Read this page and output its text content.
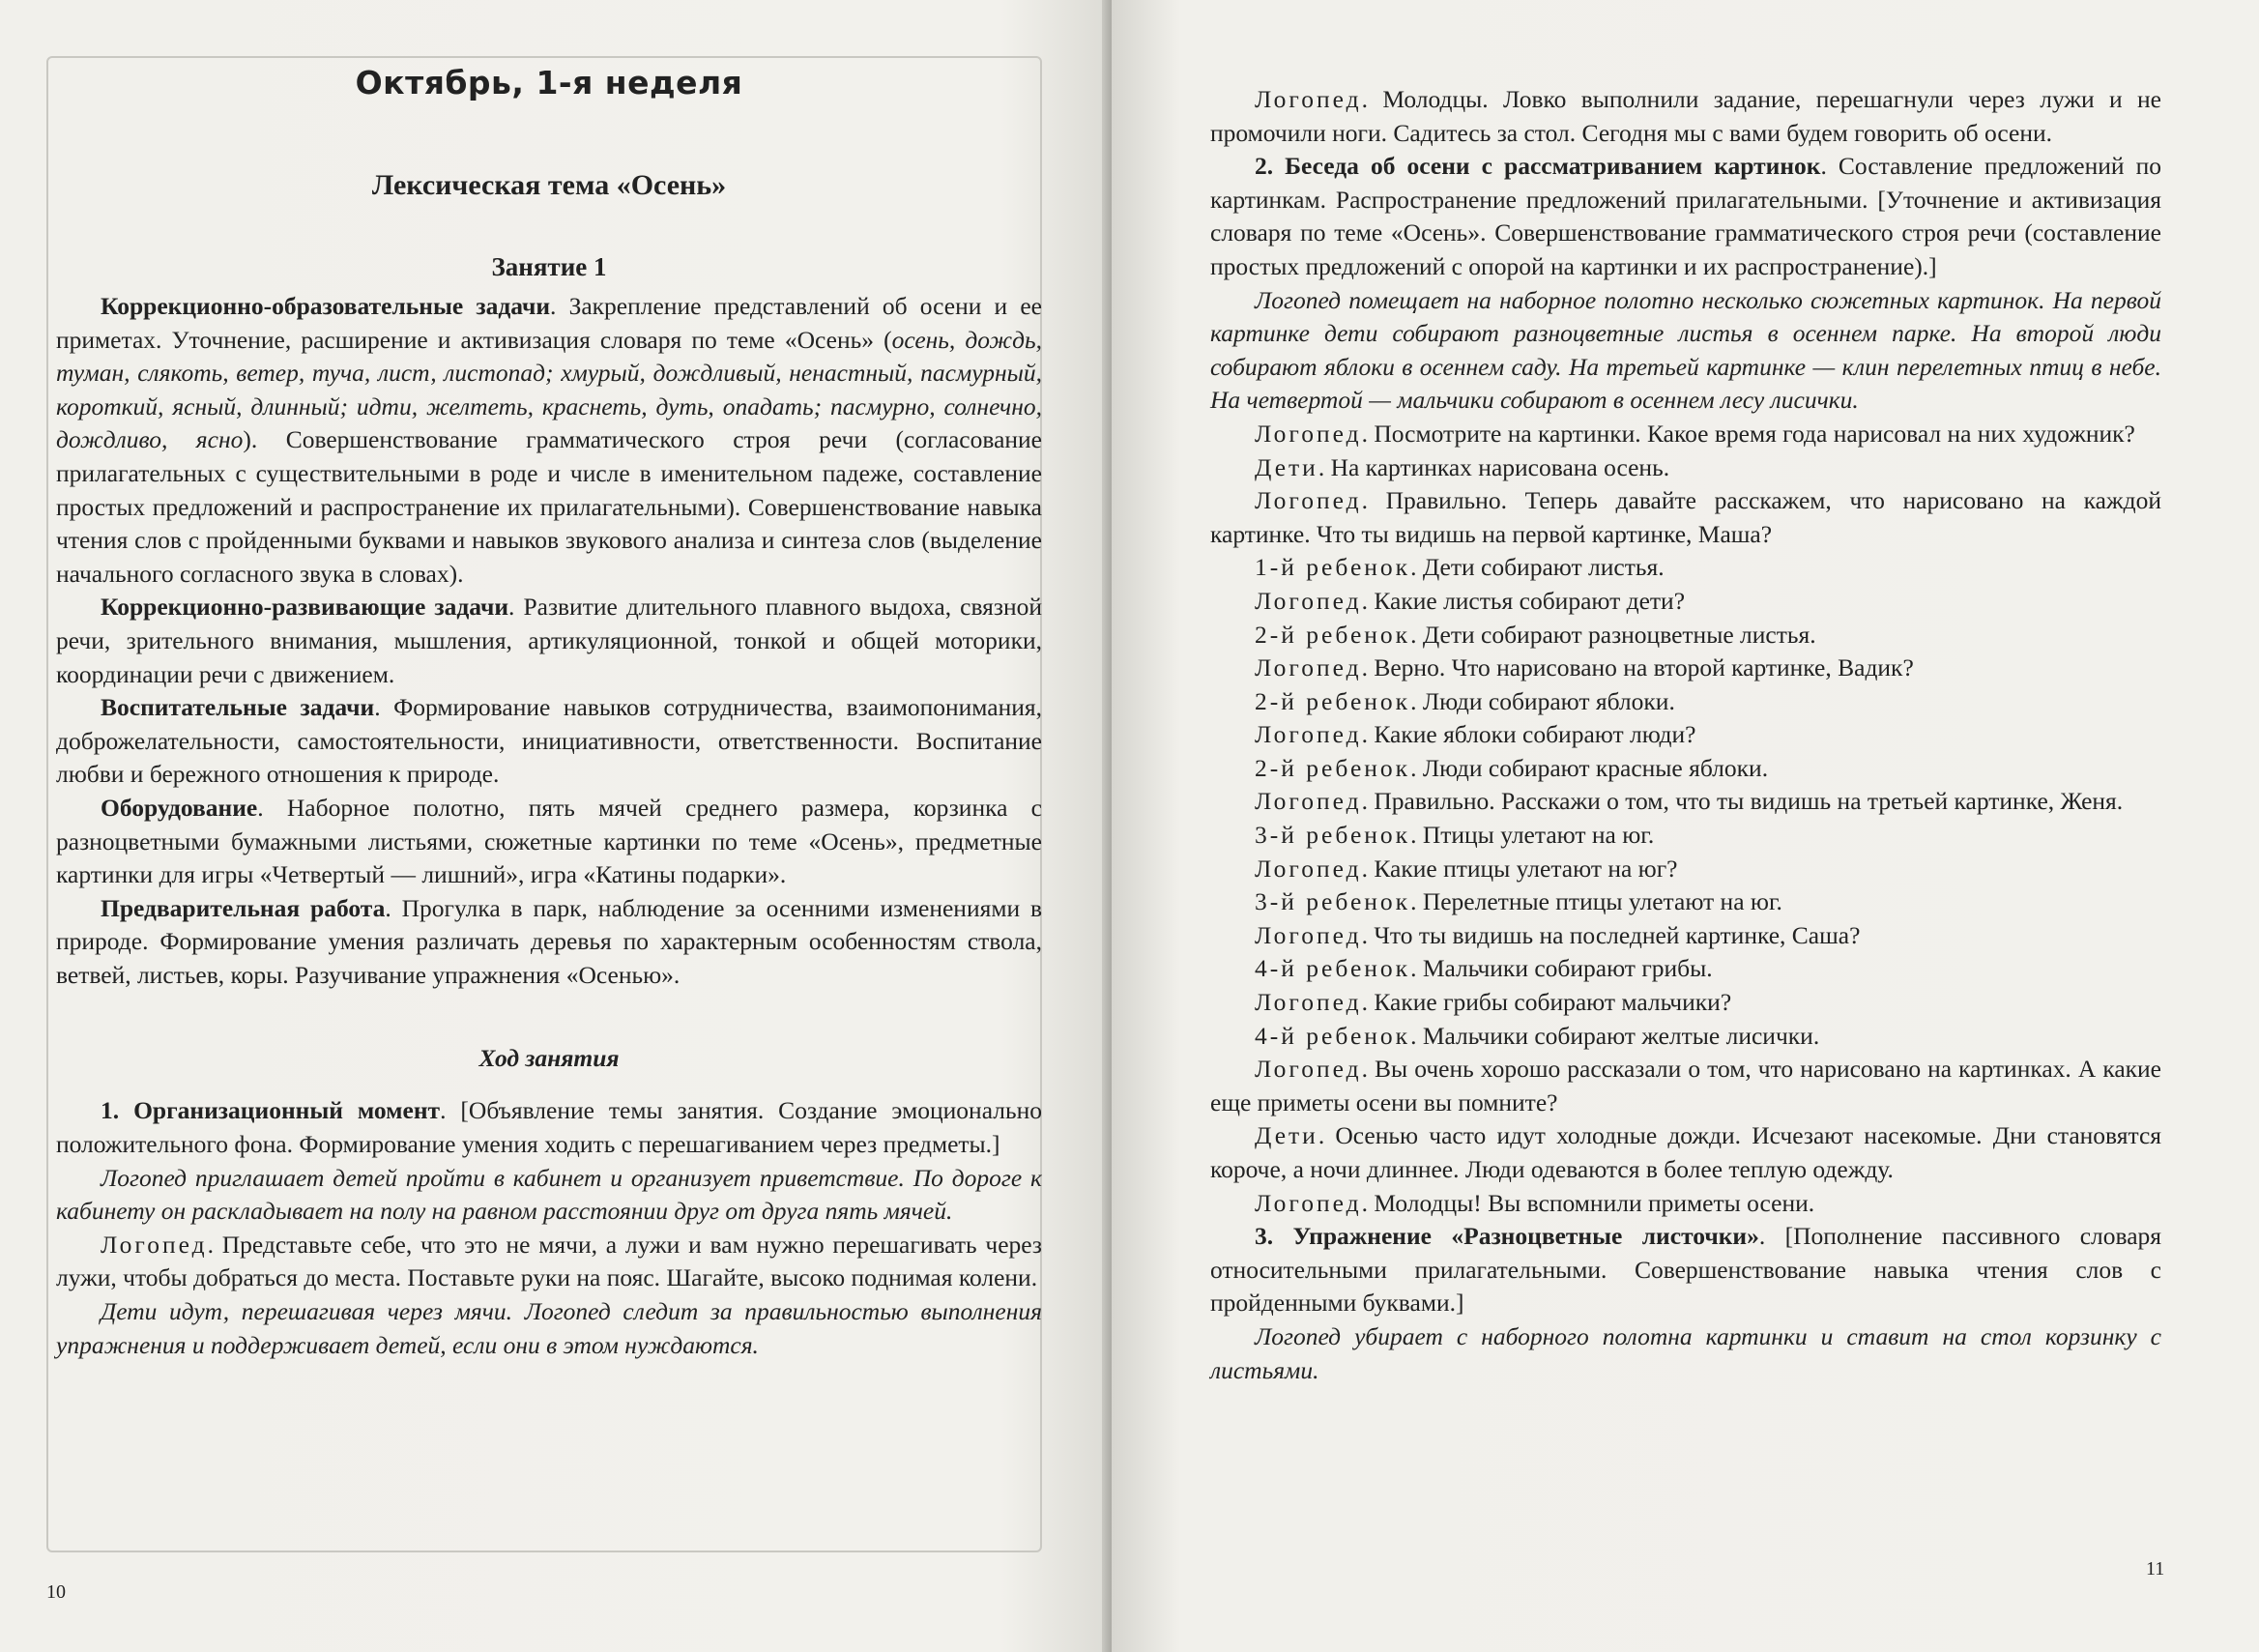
Октябрь, 1-я неделя
Лексическая тема «Осень»
Занятие 1

Коррекционно-образовательные задачи. Закрепление представлений об осени и ее приметах. Уточнение, расширение и активизация словаря по теме «Осень» (осень, дождь, туман, слякоть, ветер, туча, лист, листопад; хмурый, дождливый, ненастный, пасмурный, короткий, ясный, длинный; идти, желтеть, краснеть, дуть, опадать; пасмурно, солнечно, дождливо, ясно). Совершенствование грамматического строя речи (согласование прилагательных с существительными в роде и числе в именительном падеже, составление простых предложений и распространение их прилагательными). Совершенствование навыка чтения слов с пройденными буквами и навыков звукового анализа и синтеза слов (выделение начального согласного звука в словах).

Коррекционно-развивающие задачи. Развитие длительного плавного выдоха, связной речи, зрительного внимания, мышления, артикуляционной, тонкой и общей моторики, координации речи с движением.

Воспитательные задачи. Формирование навыков сотрудничества, взаимопонимания, доброжелательности, самостоятельности, инициативности, ответственности. Воспитание любви и бережного отношения к природе.

Оборудование. Наборное полотно, пять мячей среднего размера, корзинка с разноцветными бумажными листьями, сюжетные картинки по теме «Осень», предметные картинки для игры «Четвертый — лишний», игра «Катины подарки».

Предварительная работа. Прогулка в парк, наблюдение за осенними изменениями в природе. Формирование умения различать деревья по характерным особенностям ствола, ветвей, листьев, коры. Разучивание упражнения «Осенью».

Ход занятия

1. Организационный момент. [Объявление темы занятия. Создание эмоционально положительного фона. Формирование умения ходить с перешагиванием через предметы.]

Логопед приглашает детей пройти в кабинет и организует приветствие. По дороге к кабинету он раскладывает на полу на равном расстоянии друг от друга пять мячей.

Логопед. Представьте себе, что это не мячи, а лужи и вам нужно перешагивать через лужи, чтобы добраться до места. Поставьте руки на пояс. Шагайте, высоко поднимая колени.

Дети идут, перешагивая через мячи. Логопед следит за правильностью выполнения упражнения и поддерживает детей, если они в этом нуждаются.

10
11

Логопед. Молодцы. Ловко выполнили задание, перешагнули через лужи и не промочили ноги. Садитесь за стол. Сегодня мы с вами будем говорить об осени.

2. Беседа об осени с рассматриванием картинок. Составление предложений по картинкам. Распространение предложений прилагательными. [Уточнение и активизация словаря по теме «Осень». Совершенствование грамматического строя речи (составление простых предложений с опорой на картинки и их распространение).]

Логопед помещает на наборное полотно несколько сюжетных картинок. На первой картинке дети собирают разноцветные листья в осеннем парке. На второй люди собирают яблоки в осеннем саду. На третьей картинке — клин перелетных птиц в небе. На четвертой — мальчики собирают в осеннем лесу лисички.

Логопед. Посмотрите на картинки. Какое время года нарисовал на них художник?

Дети. На картинках нарисована осень.

Логопед. Правильно. Теперь давайте расскажем, что нарисовано на каждой картинке. Что ты видишь на первой картинке, Маша?

1-й ребенок. Дети собирают листья.

Логопед. Какие листья собирают дети?

2-й ребенок. Дети собирают разноцветные листья.

Логопед. Верно. Что нарисовано на второй картинке, Вадик?

2-й ребенок. Люди собирают яблоки.

Логопед. Какие яблоки собирают люди?

2-й ребенок. Люди собирают красные яблоки.

Логопед. Правильно. Расскажи о том, что ты видишь на третьей картинке, Женя.

3-й ребенок. Птицы улетают на юг.

Логопед. Какие птицы улетают на юг?

3-й ребенок. Перелетные птицы улетают на юг.

Логопед. Что ты видишь на последней картинке, Саша?

4-й ребенок. Мальчики собирают грибы.

Логопед. Какие грибы собирают мальчики?

4-й ребенок. Мальчики собирают желтые лисички.

Логопед. Вы очень хорошо рассказали о том, что нарисовано на картинках. А какие еще приметы осени вы помните?

Дети. Осенью часто идут холодные дожди. Исчезают насекомые. Дни становятся короче, а ночи длиннее. Люди одеваются в более теплую одежду.

Логопед. Молодцы! Вы вспомнили приметы осени.

3. Упражнение «Разноцветные листочки». [Пополнение пассивного словаря относительными прилагательными. Совершенствование навыка чтения слов с пройденными буквами.]

Логопед убирает с наборного полотна картинки и ставит на стол корзинку с листьями.
